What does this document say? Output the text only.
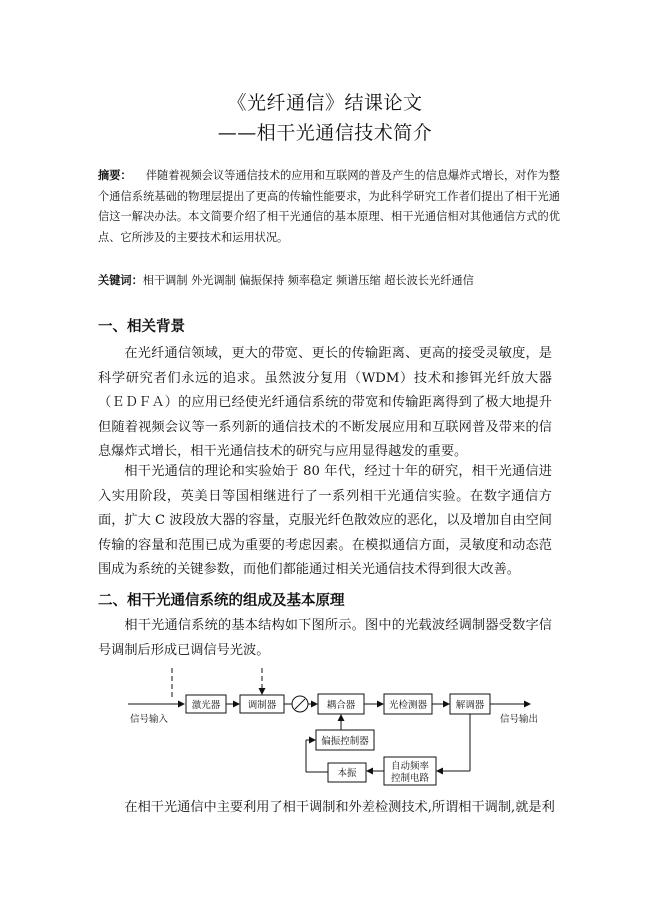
《光纤通信》结课论文
——相干光通信技术简介
摘要： 伴随着视频会议等通信技术的应用和互联网的普及产生的信息爆炸式增长，对作为整个通信系统基础的物理层提出了更高的传输性能要求，为此科学研究工作者们提出了相干光通信这一解决办法。本文简要介绍了相干光通信的基本原理、相干光通信相对其他通信方式的优点、它所涉及的主要技术和运用状况。
关键词：相干调制 外光调制 偏振保持 频率稳定 频谱压缩 超长波长光纤通信
一、相关背景
在光纤通信领域，更大的带宽、更长的传输距离、更高的接受灵敏度，是科学研究者们永远的追求。虽然波分复用（WDM）技术和掺铒光纤放大器（ＥＤＦＡ）的应用已经使光纤通信系统的带宽和传输距离得到了极大地提升但随着视频会议等一系列新的通信技术的不断发展应用和互联网普及带来的信息爆炸式增长，相干光通信技术的研究与应用显得越发的重要。
相干光通信的理论和实验始于 80 年代，经过十年的研究，相干光通信进入实用阶段，英美日等国相继进行了一系列相干光通信实验。在数字通信方面，扩大 C 波段放大器的容量，克服光纤色散效应的恶化，以及增加自由空间传输的容量和范围已成为重要的考虑因素。在模拟通信方面，灵敏度和动态范围成为系统的关键参数，而他们都能通过相关光通信技术得到很大改善。
二、相干光通信系统的组成及基本原理
相干光通信系统的基本结构如下图所示。图中的光载波经调制器受数字信号调制后形成已调信号光波。
信号输入	信号输出
激光器	调制器	耦合器	光检测器	解调器
偏振控制器
本振
自动频率
控制电路
在相干光通信中主要利用了相干调制和外差检测技术,所谓相干调制,就是利
